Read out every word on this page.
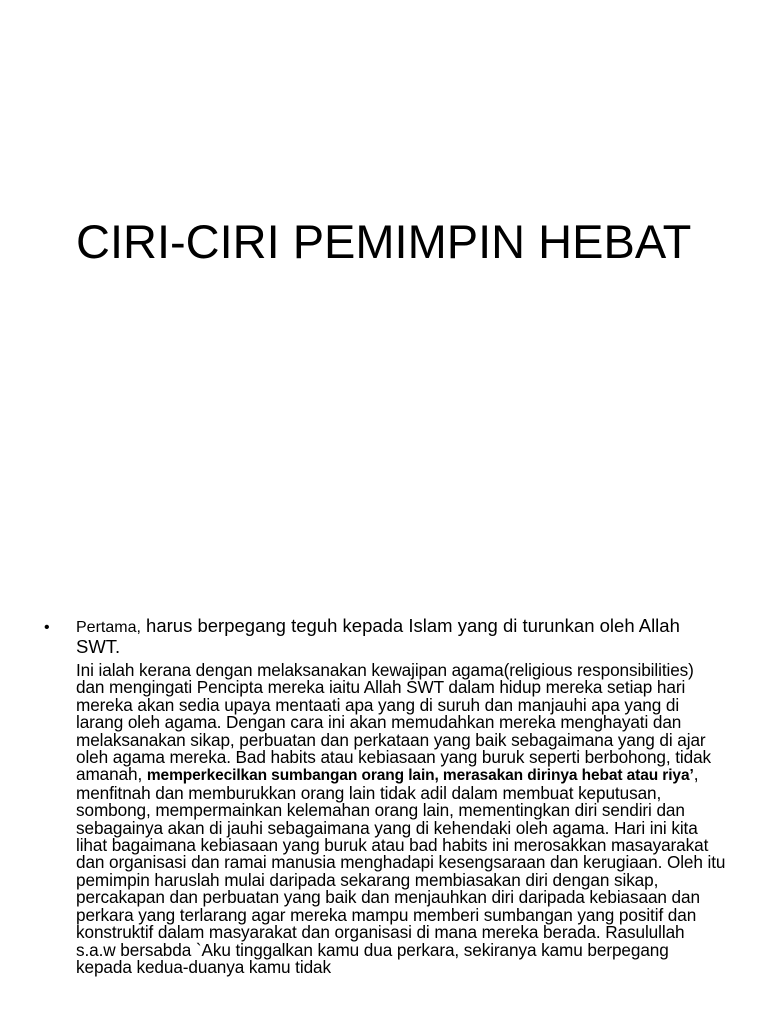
CIRI-CIRI PEMIMPIN HEBAT
• Pertama, harus berpegang teguh kepada Islam yang di turunkan oleh Allah SWT.

Ini ialah kerana dengan melaksanakan kewajipan agama(religious responsibilities) dan mengingati Pencipta mereka iaitu Allah SWT dalam hidup mereka setiap hari mereka akan sedia upaya mentaati apa yang di suruh dan manjauhi apa yang di larang oleh agama. Dengan cara ini akan memudahkan mereka menghayati dan melaksanakan sikap, perbuatan dan perkataan yang baik sebagaimana yang di ajar oleh agama mereka. Bad habits atau kebiasaan yang buruk seperti berbohong, tidak amanah, memperkecilkan sumbangan orang lain, merasakan dirinya hebat atau riya’, menfitnah dan memburukkan orang lain tidak adil dalam membuat keputusan, sombong, mempermainkan kelemahan orang lain, mementingkan diri sendiri dan sebagainya akan di jauhi sebagaimana yang di kehendaki oleh agama. Hari ini kita lihat bagaimana kebiasaan yang buruk atau bad habits ini merosakkan masayarakat dan organisasi dan ramai manusia menghadapi kesengsaraan dan kerugiaan. Oleh itu pemimpin haruslah mulai daripada sekarang membiasakan diri dengan sikap, percakapan dan perbuatan yang baik dan menjauhkan diri daripada kebiasaan dan perkara yang terlarang agar mereka mampu memberi sumbangan yang positif dan konstruktif dalam masyarakat dan organisasi di mana mereka berada. Rasulullah s.a.w bersabda `Aku tinggalkan kamu dua perkara, sekiranya kamu berpegang kepada kedua-duanya kamu tidak
